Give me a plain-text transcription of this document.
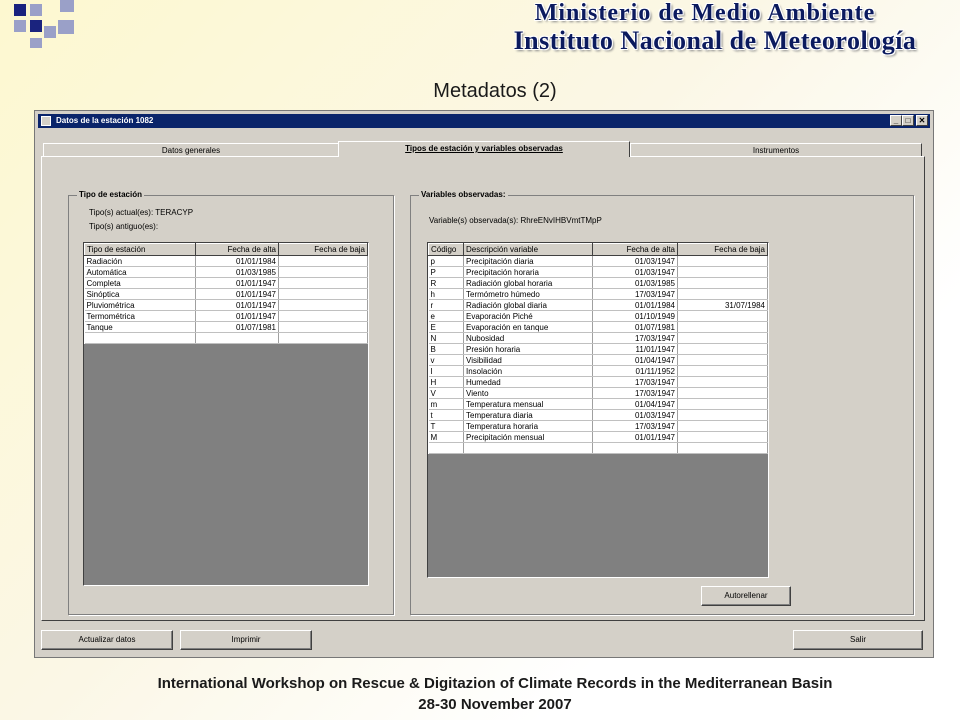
Ministerio de Medio Ambiente
Instituto Nacional de Meteorología
Metadatos (2)
Datos de la estación 1082	_ □	✕
Datos generales	Tipos de estación y variables observadas	Instrumentos
Tipo de estación
Tipo(s) actual(es): TERACYP
Tipo(s) antiguo(es):
Tipo de estación	Fecha de alta	Fecha de baja
Radiación	01/01/1984	
Automática	01/03/1985	
Completa	01/01/1947	
Sinóptica	01/01/1947	
Pluviométrica	01/01/1947	
Termométrica	01/01/1947	
Tanque	01/07/1981	

Variables observadas:
Variable(s) observada(s): RhreENvIHBVmtTMpP
Código	Descripción variable	Fecha de alta	Fecha de baja
p	Precipitación diaria	01/03/1947	
P	Precipitación horaria	01/03/1947	
R	Radiación global horaria	01/03/1985	
h	Termómetro húmedo	17/03/1947	
r	Radiación global diaria	01/01/1984	31/07/1984
e	Evaporación Piché	01/10/1949	
E	Evaporación en tanque	01/07/1981	
N	Nubosidad	17/03/1947	
B	Presión horaria	11/01/1947	
v	Visibilidad	01/04/1947	
I	Insolación	01/11/1952	
H	Humedad	17/03/1947	
V	Viento	17/03/1947	
m	Temperatura mensual	01/04/1947	
t	Temperatura diaria	01/03/1947	
T	Temperatura horaria	17/03/1947	
M	Precipitación mensual	01/01/1947	

Autorellenar
Actualizar datos	Imprimir	Salir
International Workshop on Rescue & Digitazion of Climate Records in the Mediterranean Basin
28-30 November 2007
